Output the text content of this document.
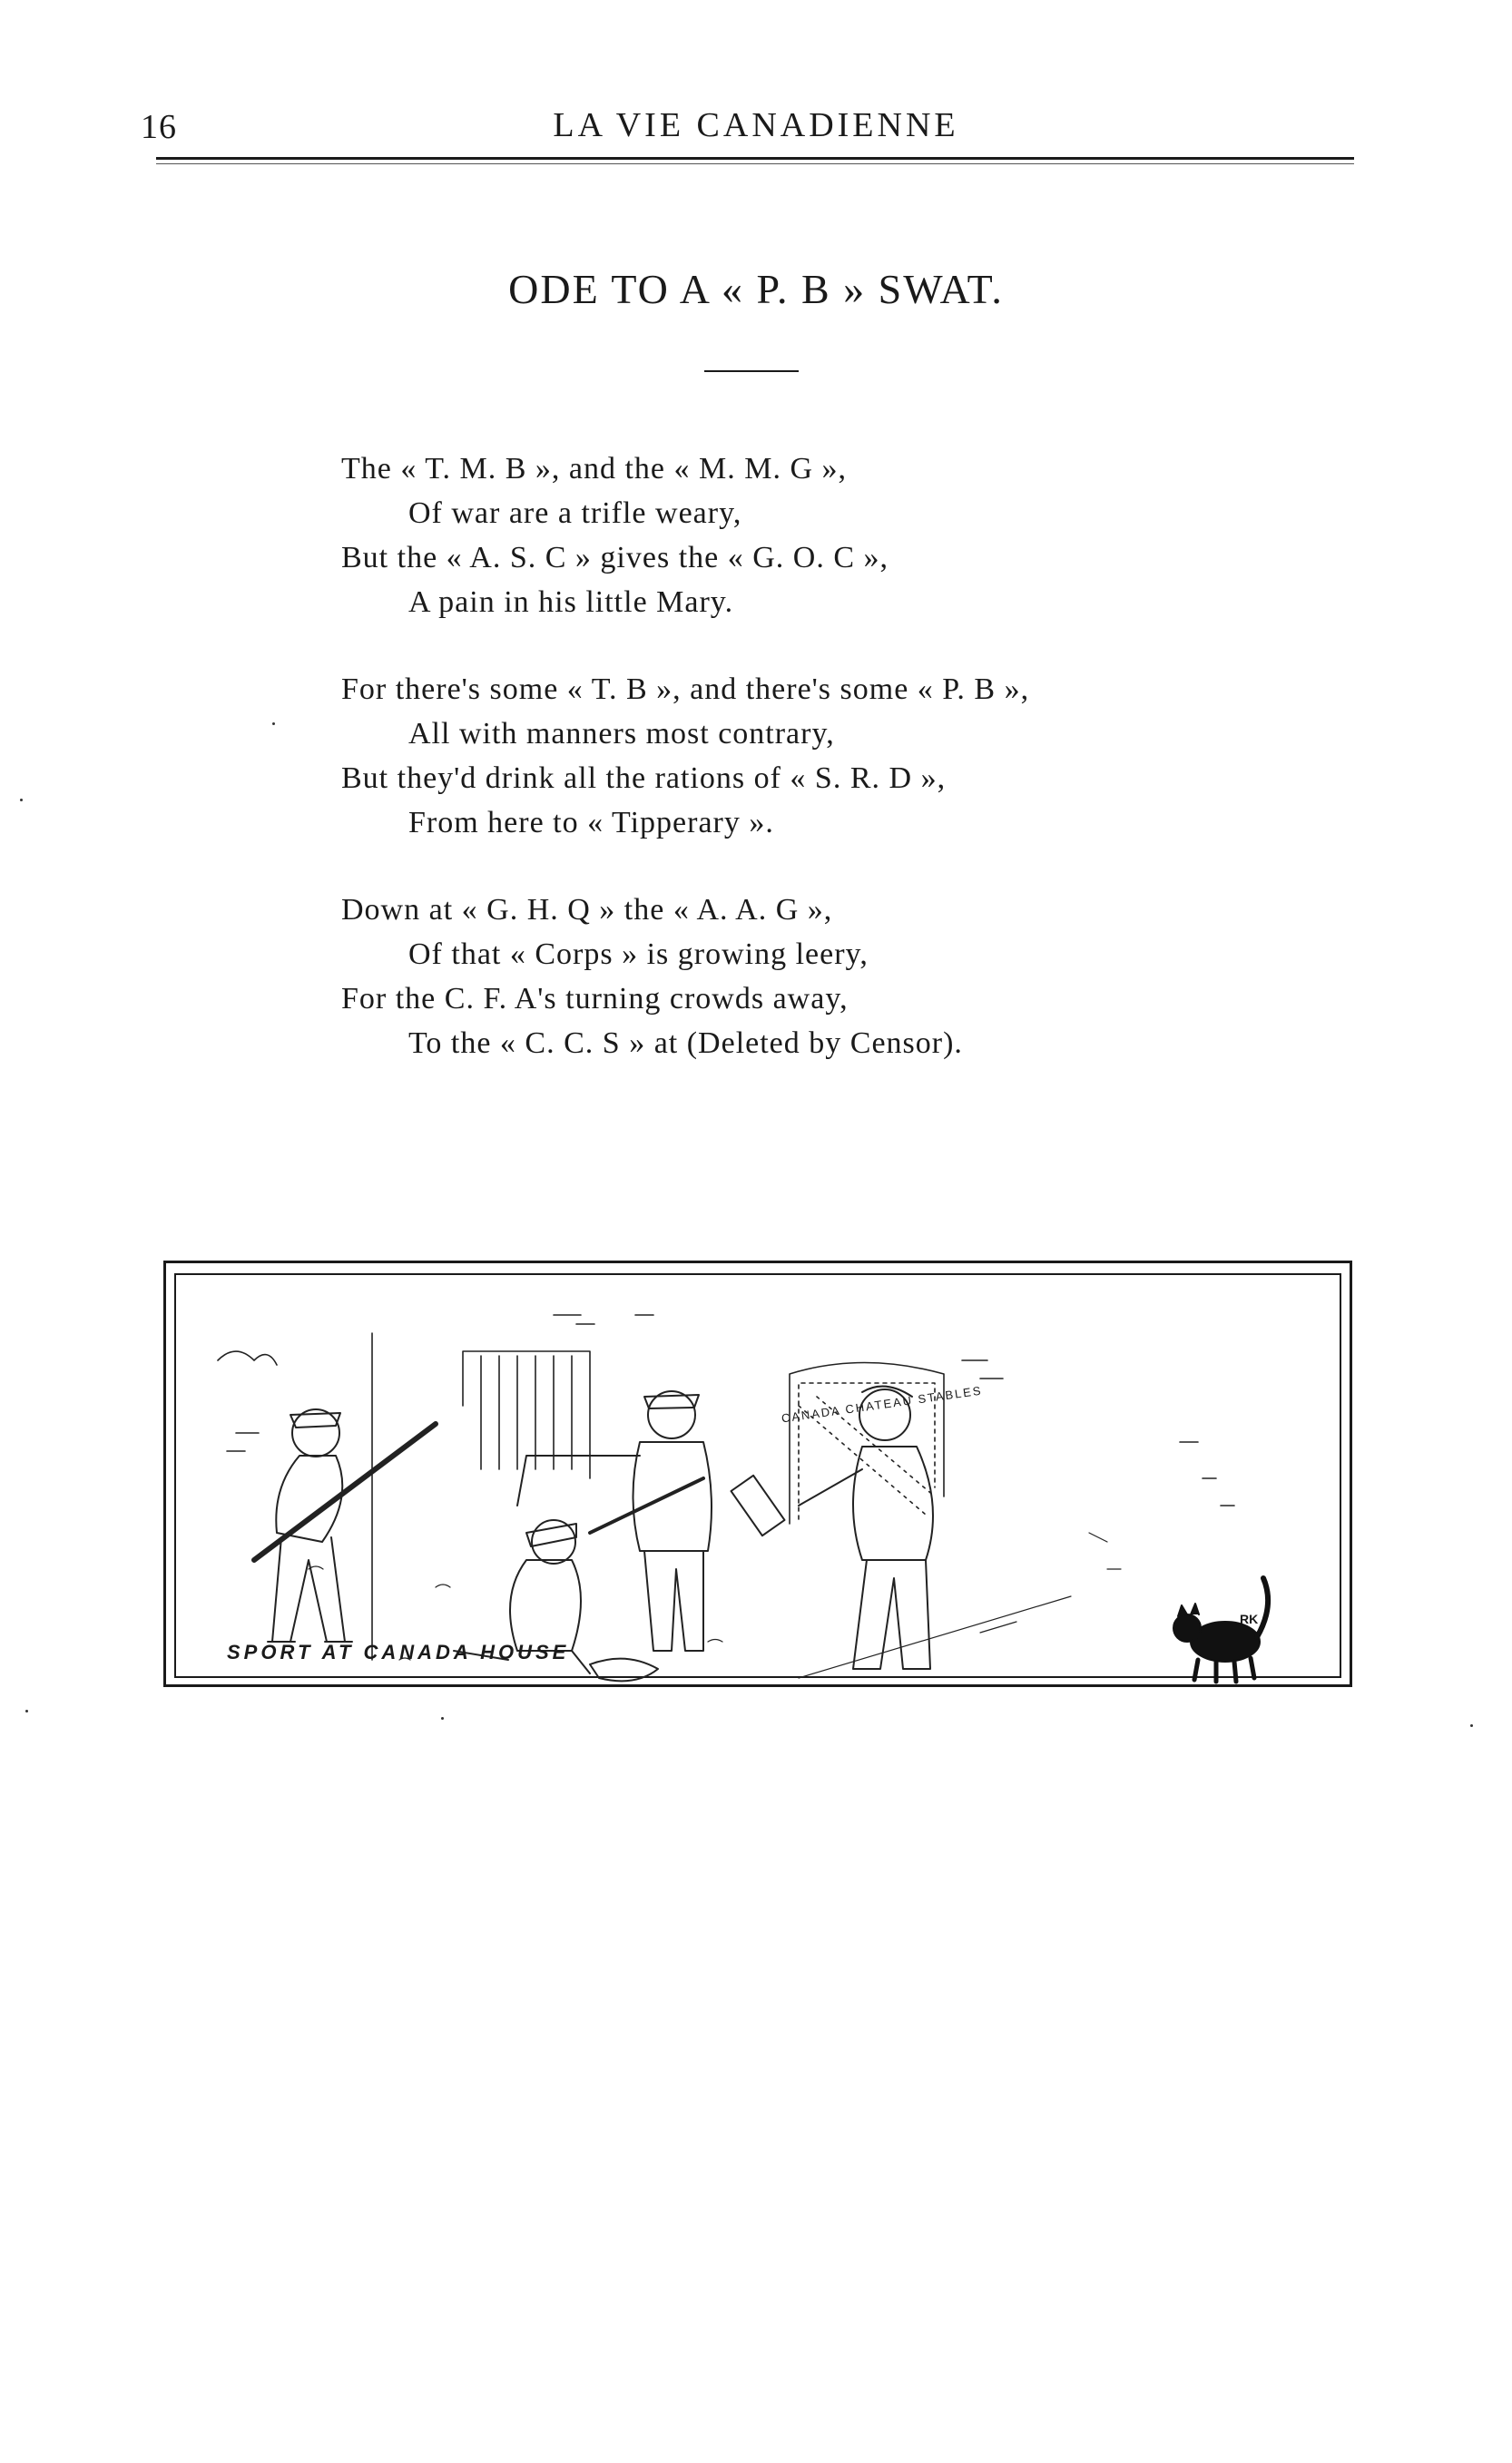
16	LA VIE CANADIENNE
ODE TO A « P. B » SWAT.
The « T. M. B », and the « M. M. G »,
Of war are a trifle weary,
But the « A. S. C » gives the « G. O. C »,
A pain in his little Mary.
For there's some « T. B », and there's some « P. B »,
All with manners most contrary,
But they'd drink all the rations of « S. R. D »,
From here to « Tipperary ».
Down at « G. H. Q » the « A. A. G »,
Of that « Corps » is growing leery,
For the C. F. A's turning crowds away,
To the « C. C. S » at (Deleted by Censor).
CANADA CHATEAU STABLES
SPORT AT CANADA HOUSE
RK
